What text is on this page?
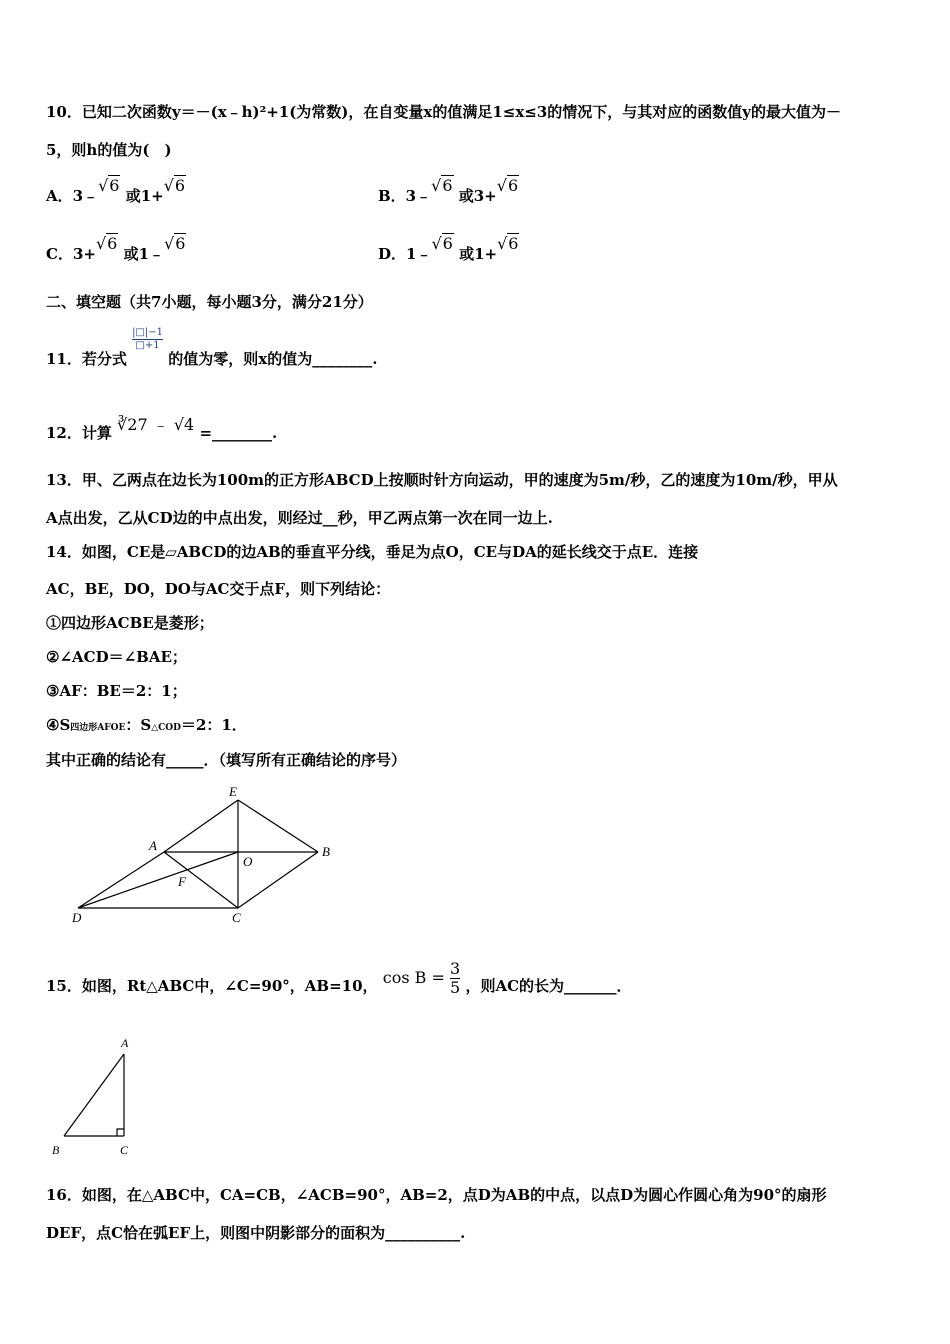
10．已知二次函数y＝－(x﹣h)²+1(为常数)，在自变量x的值满足1≤x≤3的情况下，与其对应的函数值y的最大值为－
5，则h的值为(　)
A．3﹣√6 或1+√6
B．3﹣√6 或3+√6
C．3+√6 或1﹣√6
D．1﹣√6 或1+√6
二、填空题（共7小题，每小题3分，满分21分）
11．若分式
$\frac{|□|-1}{□+1}$
的值为零，则x的值为________.
12．计算 ∛27 ﹣ √4 =________.
13．甲、乙两点在边长为100m的正方形ABCD上按顺时针方向运动，甲的速度为5m/秒，乙的速度为10m/秒，甲从
A点出发，乙从CD边的中点出发，则经过__秒，甲乙两点第一次在同一边上.
14．如图，CE是▱ABCD的边AB的垂直平分线，垂足为点O，CE与DA的延长线交于点E．连接
AC，BE，DO，DO与AC交于点F，则下列结论：
①四边形ACBE是菱形；
②∠ACD＝∠BAE；
③AF：BE＝2：1；
④S四边形AFOE：S△COD＝2：1．
其中正确的结论有_____．（填写所有正确结论的序号）
E
A	B
O
F
D	C
15．如图，Rt△ABC中，∠C=90°，AB=10， $\cos B = \frac{3}{5}$ ，则AC的长为_______．
A
B	C
16．如图，在△ABC中，CA=CB，∠ACB=90°，AB=2，点D为AB的中点，以点D为圆心作圆心角为90°的扇形
DEF，点C恰在弧EF上，则图中阴影部分的面积为__________.
